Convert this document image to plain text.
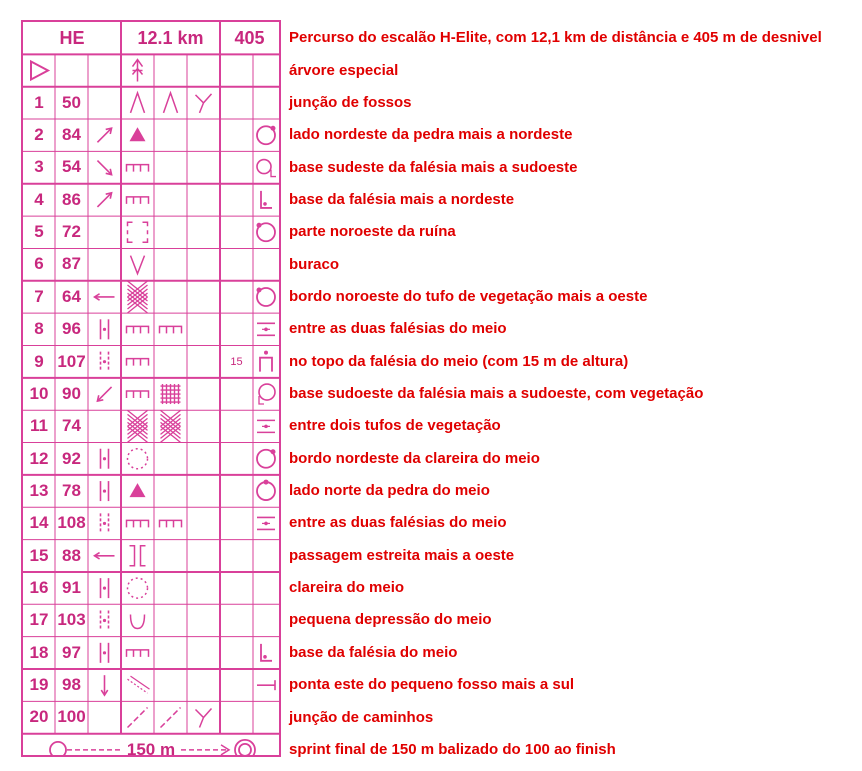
HE	12.1 km	405
1	50
2	84
3	54
4	86
5	72
6	87
7	64
8	96
9 107	15
10 90
11 74
12 92
13 78
14 108
15 88
16 91
17 103
18 97
19 98
20 100
150 m
Percurso do escalão H-Elite, com 12,1 km de distância e 405 m de desnivel
árvore especial
junção de fossos
lado nordeste da pedra mais a nordeste
base sudeste da falésia mais a sudoeste
base da falésia mais a nordeste
parte noroeste da ruína
buraco
bordo noroeste do tufo de vegetação mais a oeste
entre as duas falésias do meio
no topo da falésia do meio (com 15 m de altura)
base sudoeste da falésia mais a sudoeste, com vegetação
entre dois tufos de vegetação
bordo nordeste da clareira do meio
lado norte da pedra do meio
entre as duas falésias do meio
passagem estreita mais a oeste
clareira do meio
pequena depressão do meio
base da falésia do meio
ponta este do pequeno fosso mais a sul
junção de caminhos
sprint final de 150 m balizado do 100 ao finish
